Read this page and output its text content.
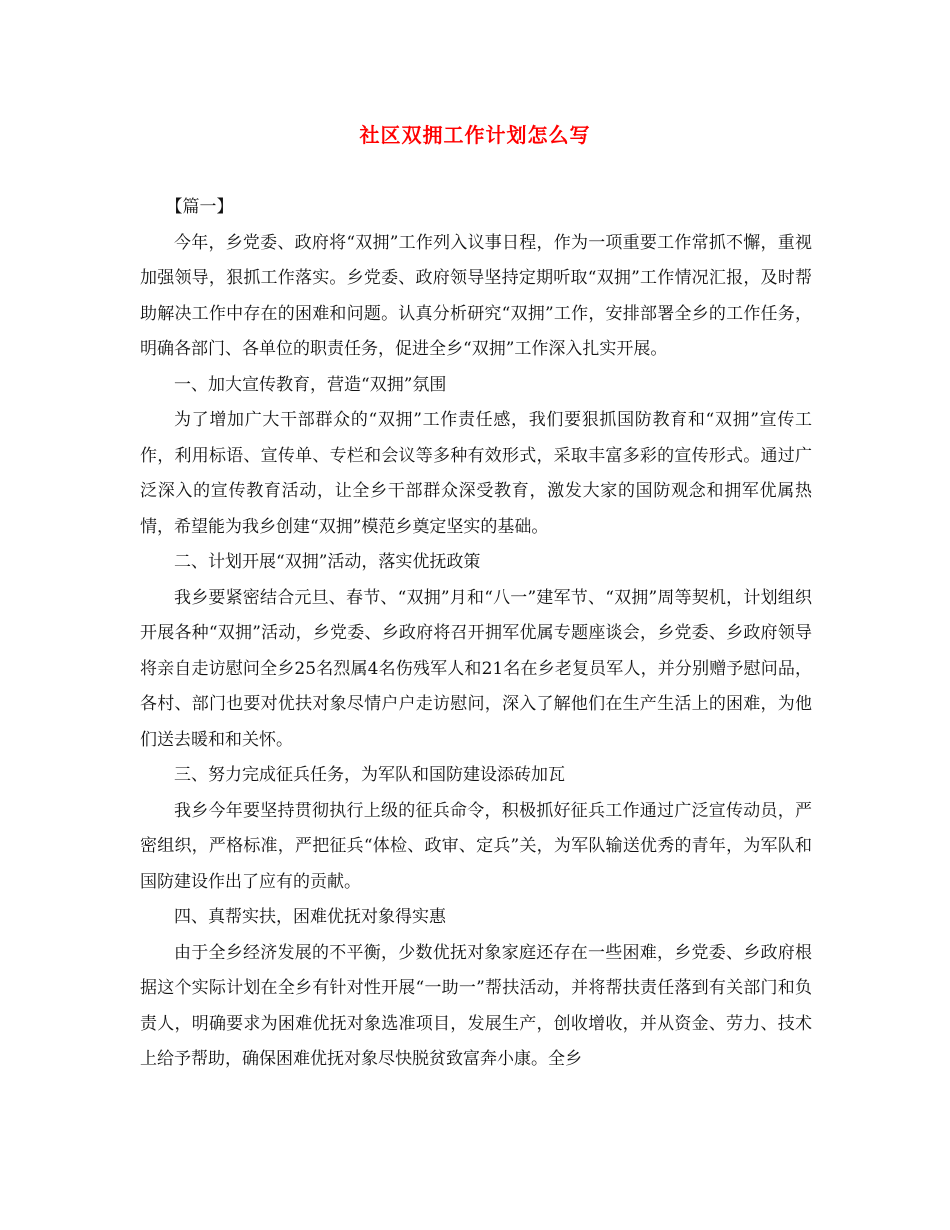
社区双拥工作计划怎么写

【篇一】

今年，乡党委、政府将“双拥”工作列入议事日程，作为一项重要工作常抓不懈，重视加强领导，狠抓工作落实。乡党委、政府领导坚持定期听取“双拥”工作情况汇报，及时帮助解决工作中存在的困难和问题。认真分析研究“双拥”工作，安排部署全乡的工作任务，明确各部门、各单位的职责任务，促进全乡“双拥”工作深入扎实开展。

一、加大宣传教育，营造“双拥”氛围

为了增加广大干部群众的“双拥”工作责任感，我们要狠抓国防教育和“双拥”宣传工作，利用标语、宣传单、专栏和会议等多种有效形式，采取丰富多彩的宣传形式。通过广泛深入的宣传教育活动，让全乡干部群众深受教育，激发大家的国防观念和拥军优属热情，希望能为我乡创建“双拥”模范乡奠定坚实的基础。

二、计划开展“双拥”活动，落实优抚政策

我乡要紧密结合元旦、春节、“双拥”月和“八一”建军节、“双拥”周等契机，计划组织开展各种“双拥”活动，乡党委、乡政府将召开拥军优属专题座谈会，乡党委、乡政府领导将亲自走访慰问全乡25名烈属4名伤残军人和21名在乡老复员军人，并分别赠予慰问品，各村、部门也要对优扶对象尽情户户走访慰问，深入了解他们在生产生活上的困难，为他们送去暖和和关怀。

三、努力完成征兵任务，为军队和国防建设添砖加瓦

我乡今年要坚持贯彻执行上级的征兵命令，积极抓好征兵工作通过广泛宣传动员，严密组织，严格标准，严把征兵“体检、政审、定兵”关，为军队输送优秀的青年，为军队和国防建设作出了应有的贡献。

四、真帮实扶，困难优抚对象得实惠

由于全乡经济发展的不平衡，少数优抚对象家庭还存在一些困难，乡党委、乡政府根据这个实际计划在全乡有针对性开展“一助一”帮扶活动，并将帮扶责任落到有关部门和负责人，明确要求为困难优抚对象选准项目，发展生产，创收增收，并从资金、劳力、技术上给予帮助，确保困难优抚对象尽快脱贫致富奔小康。全乡
